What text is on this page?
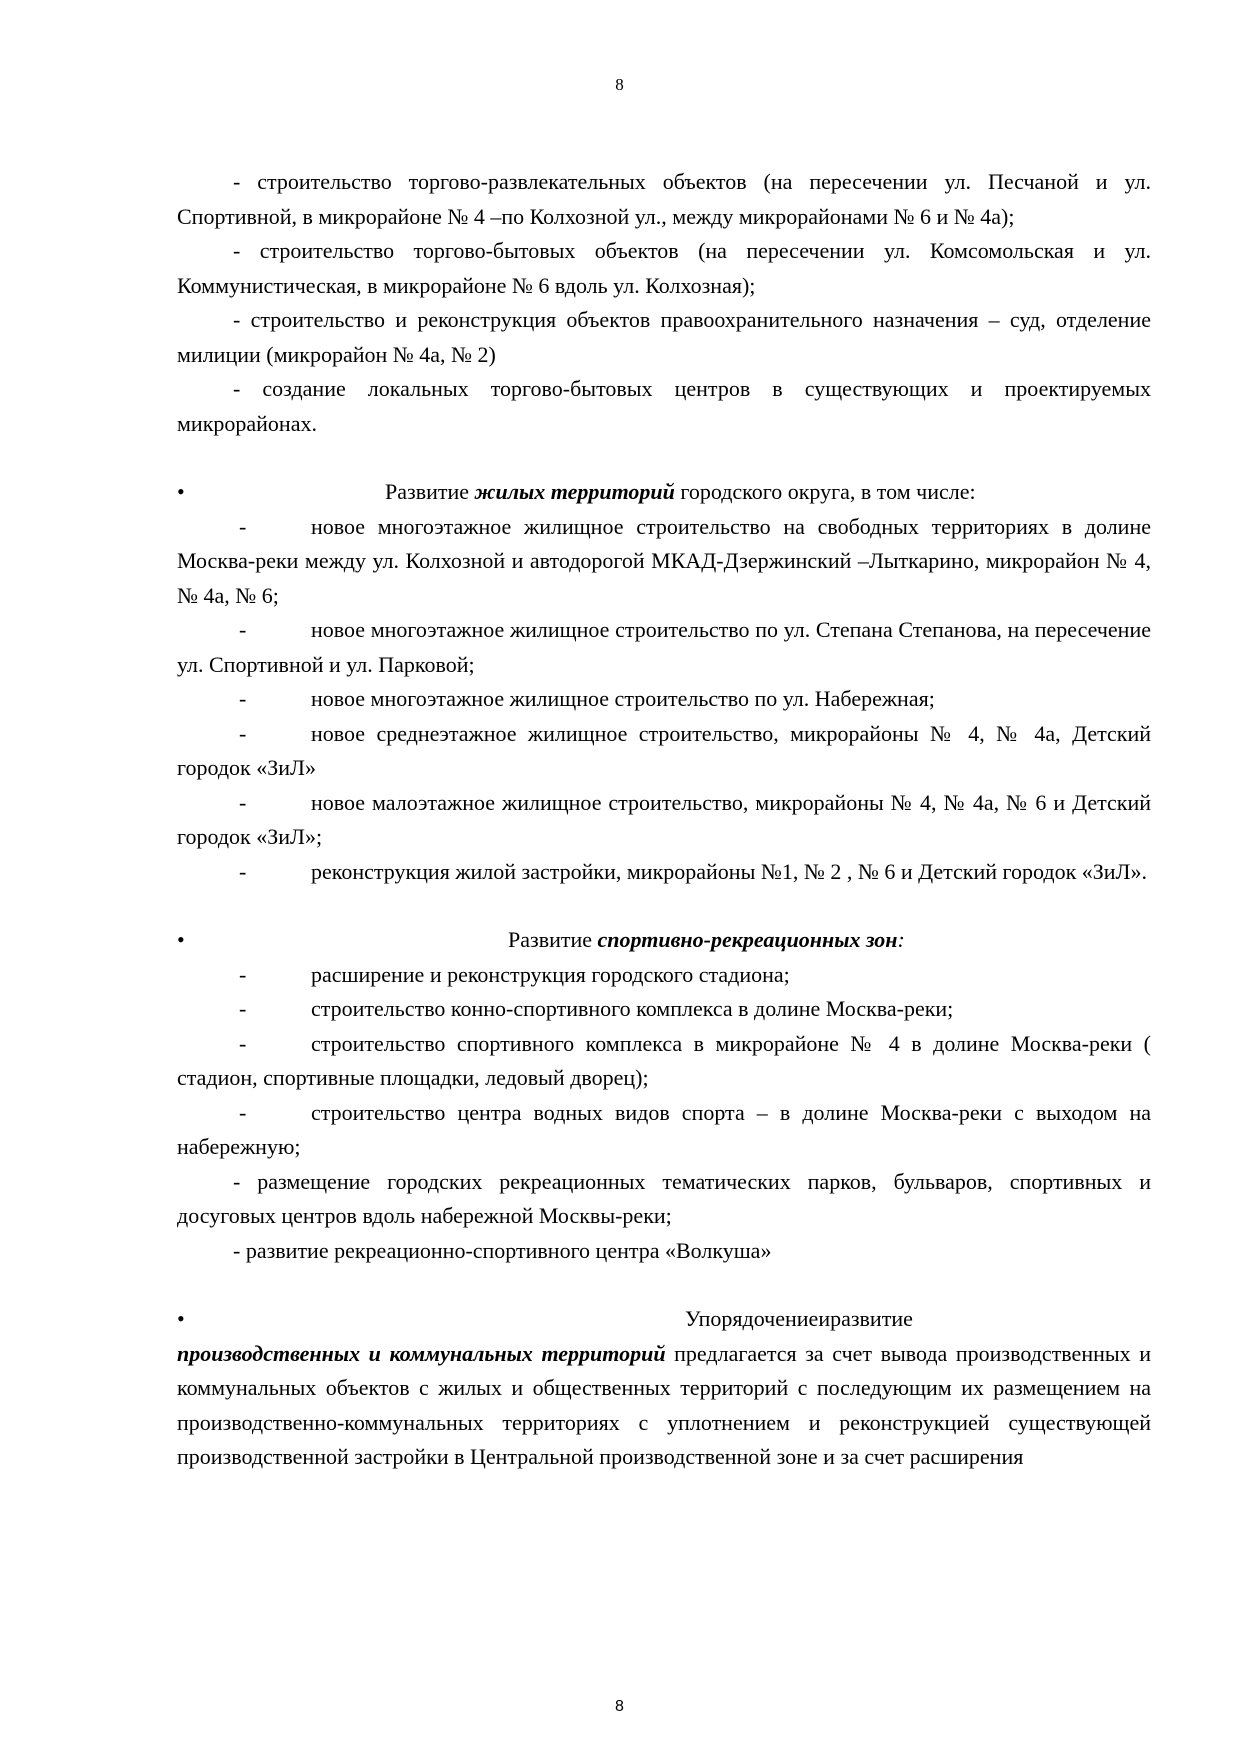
8

- строительство торгово-развлекательных объектов (на пересечении ул. Песчаной и ул. Спортивной, в микрорайоне № 4 –по Колхозной ул., между микрорайонами № 6 и № 4а);

- строительство торгово-бытовых объектов (на пересечении ул. Комсомольская и ул. Коммунистическая, в микрорайоне № 6 вдоль ул. Колхозная);

- строительство и реконструкция объектов правоохранительного назначения – суд, отделение милиции (микрорайон № 4а, № 2)

- создание локальных торгово-бытовых центров в существующих и проектируемых микрорайонах.

•	Развитие жилых территорий городского округа, в том числе:

-	новое многоэтажное жилищное строительство на свободных территориях в долине Москва-реки между ул. Колхозной и автодорогой МКАД-Дзержинский –Лыткарино, микрорайон № 4, № 4а, № 6;

-	новое многоэтажное жилищное строительство по ул. Степана Степанова, на пересечение ул. Спортивной и ул. Парковой;

-	новое многоэтажное жилищное строительство по ул. Набережная;

-	новое среднеэтажное жилищное строительство, микрорайоны № 4, № 4а, Детский городок «ЗиЛ»

-	новое малоэтажное жилищное строительство, микрорайоны № 4, № 4а, № 6 и Детский городок «ЗиЛ»;

-	реконструкция жилой застройки, микрорайоны №1, № 2 , № 6 и Детский городок «ЗиЛ».

•	Развитие спортивно-рекреационных зон:

-	расширение и реконструкция городского стадиона;

-	строительство конно-спортивного комплекса в долине Москва-реки;

-	строительство спортивного комплекса в микрорайоне № 4 в долине Москва-реки ( стадион, спортивные площадки, ледовый дворец);

-	строительство центра водных видов спорта – в долине Москва-реки с выходом на набережную;

- размещение городских рекреационных тематических парков, бульваров, спортивных и досуговых центров вдоль набережной Москвы-реки;

- развитие рекреационно-спортивного центра «Волкуша»

•	Упорядочениеиразвитие

производственных и коммунальных территорий предлагается за счет вывода производственных и коммунальных объектов с жилых и общественных территорий с последующим их размещением на производственно-коммунальных территориях с уплотнением и реконструкцией существующей производственной застройки в Центральной производственной зоне и за счет расширения

8
